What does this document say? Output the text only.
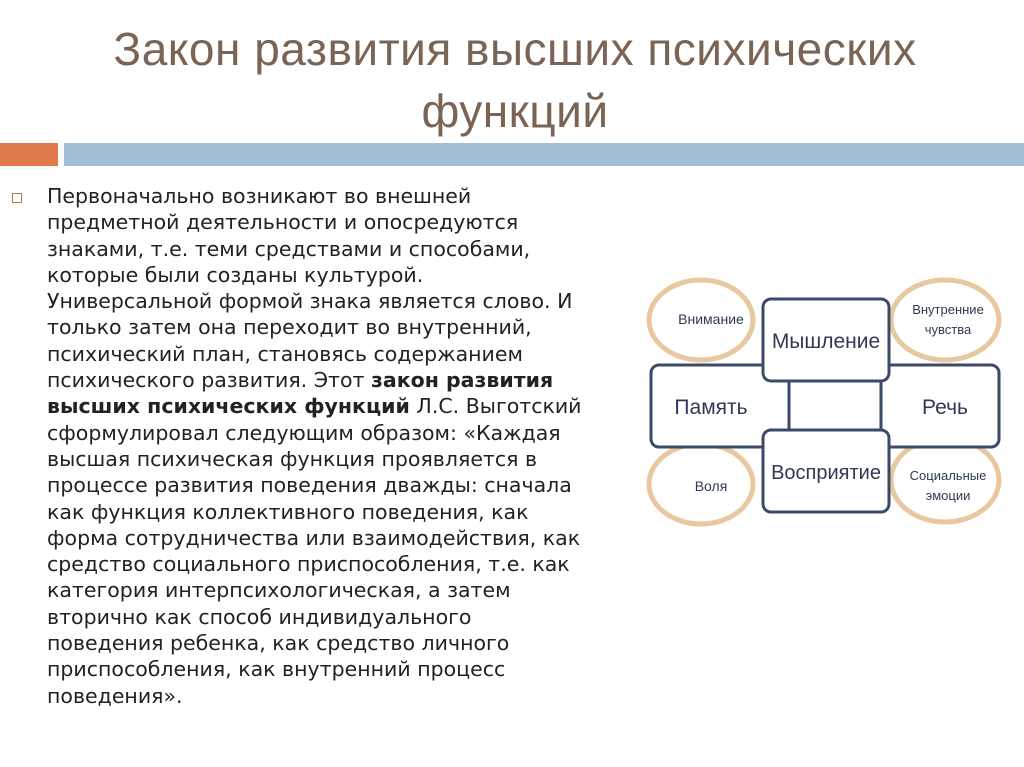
Закон развития высших психических
функций
Первоначально возникают во внешней
предметной деятельности и опосредуются
знаками, т.е. теми средствами и способами,
которые были созданы культурой.
Универсальной формой знака является слово. И
только затем она переходит во внутренний,
психический план, становясь содержанием
психического развития. Этот закон развития
высших психических функций Л.С. Выготский
сформулировал следующим образом: «Каждая
высшая психическая функция проявляется в
процессе развития поведения дважды: сначала
как функция коллективного поведения, как
форма сотрудничества или взаимодействия, как
средство социального приспособления, т.е. как
категория интерпсихологическая, а затем
вторично как способ индивидуального
поведения ребенка, как средство личного
приспособления, как внутренний процесс
поведения».
Внимание
Внутренние
чувства
Воля
Социальные
эмоции
Мышление
Память	Речь
Восприятие
